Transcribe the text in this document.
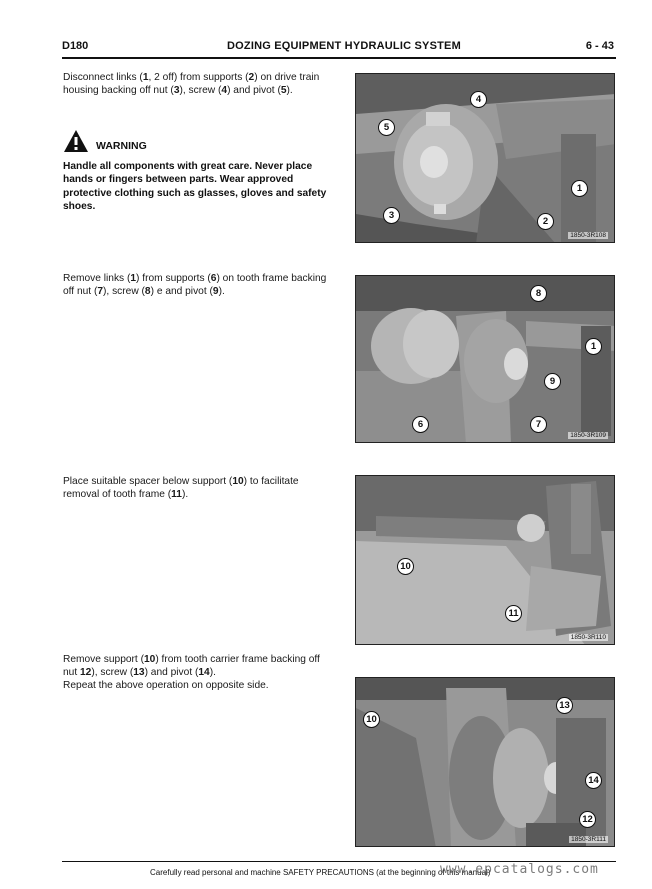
D180	DOZING EQUIPMENT HYDRAULIC SYSTEM	6 - 43
Disconnect links (1, 2 off) from supports (2) on drive train housing backing off nut (3), screw (4) and pivot (5).
WARNING
Handle all components with great care. Never place hands or fingers between parts. Wear approved protective clothing such as glasses, gloves and safety shoes.
4
5
1
3
2
1850-3R108
Remove links (1) from supports (6) on tooth frame backing off nut (7), screw (8) e and pivot (9).	8
1
9
6	7
1850-3R109
Place suitable spacer below support (10) to facilitate removal of tooth frame (11).
10
11
1850-3R110
Remove support (10) from tooth carrier frame backing off nut 12), screw (13) and pivot (14).
Repeat the above operation on opposite side.
13
10
14
12
1850-3R111
Carefully read personal and machine SAFETY PRECAUTIONS (at the beginning of this manual)
www.epcatalogs.com
